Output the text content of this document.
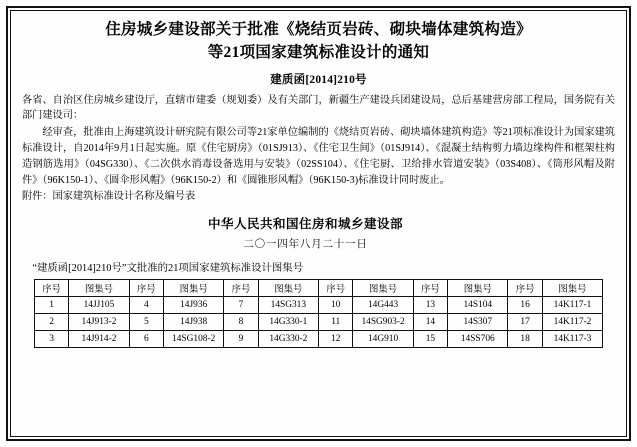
住房城乡建设部关于批准《烧结页岩砖、砌块墙体建筑构造》
等21项国家建筑标准设计的通知
建质函[2014]210号
各省、自治区住房城乡建设厅，直辖市建委（规划委）及有关部门，新疆生产建设兵团建设局，总后基建营房部工程局，国务院有关部门建设司：
经审查，批准由上海建筑设计研究院有限公司等21家单位编制的《烧结页岩砖、砌块墙体建筑构造》等21项标准设计为国家建筑标准设计，自2014年9月1日起实施。原《住宅厨房》（01SJ913）、《住宅卫生间》（01SJ914）、《混凝土结构剪力墙边缘构件和框架柱构造钢筋选用》（04SG330）、《二次供水消毒设备选用与安装》（02SS104）、《住宅厨、卫给排水管道安装》（03S408）、《筒形风帽及附件》（96K150-1）、《圆伞形风帽》（96K150-2）和《圆锥形风帽》（96K150-3)标准设计同时废止。
附件：国家建筑标准设计名称及编号表
中华人民共和国住房和城乡建设部
二〇一四年八月二十一日
“建质函[2014]210号”文批准的21项国家建筑标准设计图集号
序号	图集号	序号	图集号	序号	图集号	序号	图集号	序号	图集号	序号	图集号
1	14JJ105	4	14J936	7	14SG313	10	14G443	13	14S104	16	14K117-1
2	14J913-2	5	14J938	8	14G330-1	11	14SG903-2	14	14S307	17	14K117-2
3	14J914-2	6	14SG108-2	9	14G330-2	12	14G910	15	14SS706	18	14K117-3
